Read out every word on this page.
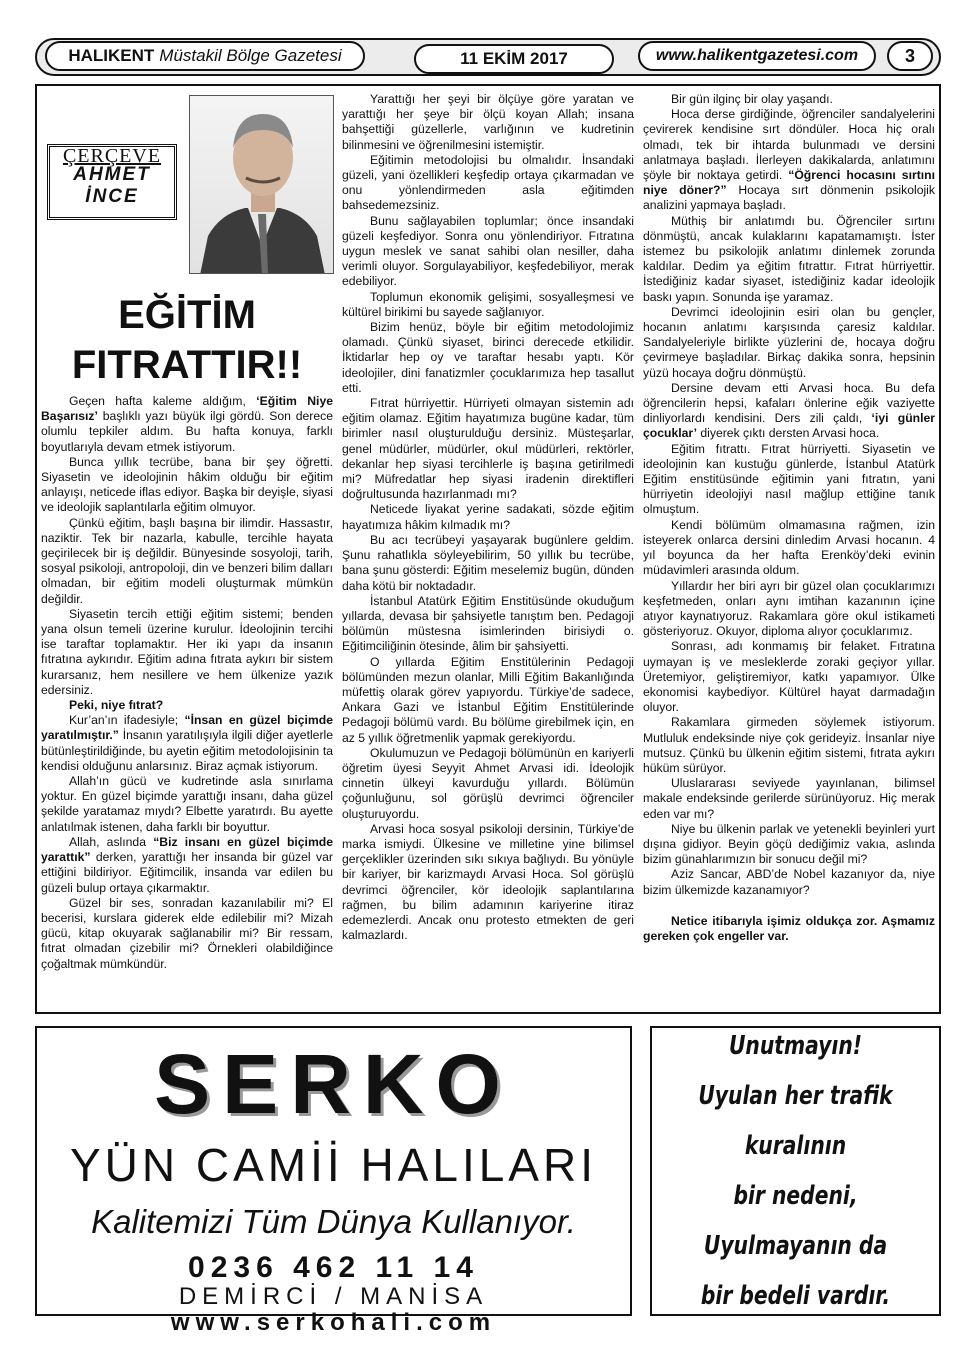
HALIKENT Müstakil Bölge Gazetesi	11 EKİM 2017	www.halikentgazetesi.com	3
ÇERÇEVE
AHMET
İNCE
EĞİTİM
FITRATTIR!!

Geçen hafta kaleme aldığım, ‘Eğitim Niye Başarısız’ başlıklı yazı büyük ilgi gördü. Son derece olumlu tepkiler aldım. Bu hafta konuya, farklı boyutlarıyla devam etmek istiyorum.

Bunca yıllık tecrübe, bana bir şey öğretti. Siyasetin ve ideolojinin hâkim olduğu bir eğitim anlayışı, neticede iflas ediyor. Başka bir deyişle, siyasi ve ideolojik saplantılarla eğitim olmuyor.

Çünkü eğitim, başlı başına bir ilimdir. Hassastır, naziktir. Tek bir nazarla, kabulle, tercihle hayata geçirilecek bir iş değildir. Bünyesinde sosyoloji, tarih, sosyal psikoloji, antropoloji, din ve benzeri bilim dalları olmadan, bir eğitim modeli oluşturmak mümkün değildir.

Siyasetin tercih ettiği eğitim sistemi; benden yana olsun temeli üzerine kurulur. İdeolojinin tercihi ise taraftar toplamaktır. Her iki yapı da insanın fıtratına aykırıdır. Eğitim adına fıtrata aykırı bir sistem kurarsanız, hem nesillere ve hem ülkenize yazık edersiniz.

Peki, niye fıtrat?

Kur’an’ın ifadesiyle; “İnsan en güzel biçimde yaratılmıştır.” İnsanın yaratılışıyla ilgili diğer ayetlerle bütünleştirildiğinde, bu ayetin eğitim metodolojisinin ta kendisi olduğunu anlarsınız. Biraz açmak istiyorum.

Allah’ın gücü ve kudretinde asla sınırlama yoktur. En güzel biçimde yarattığı insanı, daha güzel şekilde yaratamaz mıydı? Elbette yaratırdı. Bu ayette anlatılmak istenen, daha farklı bir boyuttur.

Allah, aslında “Biz insanı en güzel biçimde yarattık” derken, yarattığı her insanda bir güzel var ettiğini bildiriyor. Eğitimcilik, insanda var edilen bu güzeli bulup ortaya çıkarmaktır.

Güzel bir ses, sonradan kazanılabilir mi? El becerisi, kurslara giderek elde edilebilir mi? Mizah gücü, kitap okuyarak sağlanabilir mi? Bir ressam, fıtrat olmadan çizebilir mi? Örnekleri olabildiğince çoğaltmak mümkündür.

Yarattığı her şeyi bir ölçüye göre yaratan ve yarattığı her şeye bir ölçü koyan Allah; insana bahşettiği güzellerle, varlığının ve kudretinin bilinmesini ve öğrenilmesini istemiştir.

Eğitimin metodolojisi bu olmalıdır. İnsandaki güzeli, yani özellikleri keşfedip ortaya çıkarmadan ve onu yönlendirmeden asla eğitimden bahsedemezsiniz.

Bunu sağlayabilen toplumlar; önce insandaki güzeli keşfediyor. Sonra onu yönlendiriyor. Fıtratına uygun meslek ve sanat sahibi olan nesiller, daha verimli oluyor. Sorgulayabiliyor, keşfedebiliyor, merak edebiliyor.

Toplumun ekonomik gelişimi, sosyalleşmesi ve kültürel birikimi bu sayede sağlanıyor.

Bizim henüz, böyle bir eğitim metodolojimiz olamadı. Çünkü siyaset, birinci derecede etkilidir. İktidarlar hep oy ve taraftar hesabı yaptı. Kör ideolojiler, dini fanatizmler çocuklarımıza hep tasallut etti.

Fıtrat hürriyettir. Hürriyeti olmayan sistemin adı eğitim olamaz. Eğitim hayatımıza bugüne kadar, tüm birimler nasıl oluşturulduğu dersiniz. Müsteşarlar, genel müdürler, müdürler, okul müdürleri, rektörler, dekanlar hep siyasi tercihlerle iş başına getirilmedi mi? Müfredatlar hep siyasi iradenin direktifleri doğrultusunda hazırlanmadı mı?

Neticede liyakat yerine sadakati, sözde eğitim hayatımıza hâkim kılmadık mı?

Bu acı tecrübeyi yaşayarak bugünlere geldim. Şunu rahatlıkla söyleyebilirim, 50 yıllık bu tecrübe, bana şunu gösterdi: Eğitim meselemiz bugün, dünden daha kötü bir noktadadır.

İstanbul Atatürk Eğitim Enstitüsünde okuduğum yıllarda, devasa bir şahsiyetle tanıştım ben. Pedagoji bölümün müstesna isimlerinden birisiydi o. Eğitimciliğinin ötesinde, âlim bir şahsiyetti.

O yıllarda Eğitim Enstitülerinin Pedagoji bölümünden mezun olanlar, Milli Eğitim Bakanlığında müfettiş olarak görev yapıyordu. Türkiye’de sadece, Ankara Gazi ve İstanbul Eğitim Enstitülerinde Pedagoji bölümü vardı. Bu bölüme girebilmek için, en az 5 yıllık öğretmenlik yapmak gerekiyordu.

Okulumuzun ve Pedagoji bölümünün en kariyerli öğretim üyesi Seyyit Ahmet Arvasi idi. İdeolojik cinnetin ülkeyi kavurduğu yıllardı. Bölümün çoğunluğunu, sol görüşlü devrimci öğrenciler oluşturuyordu.

Arvasi hoca sosyal psikoloji dersinin, Türkiye’de marka ismiydi. Ülkesine ve milletine yine bilimsel gerçeklikler üzerinden sıkı sıkıya bağlıydı. Bu yönüyle bir kariyer, bir karizmaydı Arvasi Hoca. Sol görüşlü devrimci öğrenciler, kör ideolojik saplantılarına rağmen, bu bilim adamının kariyerine itiraz edemezlerdi. Ancak onu protesto etmekten de geri kalmazlardı.

Bir gün ilginç bir olay yaşandı.

Hoca derse girdiğinde, öğrenciler sandalyelerini çevirerek kendisine sırt döndüler. Hoca hiç oralı olmadı, tek bir ihtarda bulunmadı ve dersini anlatmaya başladı. İlerleyen dakikalarda, anlatımını şöyle bir noktaya getirdi. “Öğrenci hocasını sırtını niye döner?” Hocaya sırt dönmenin psikolojik analizini yapmaya başladı.

Müthiş bir anlatımdı bu. Öğrenciler sırtını dönmüştü, ancak kulaklarını kapatamamıştı. İster istemez bu psikolojik anlatımı dinlemek zorunda kaldılar. Dedim ya eğitim fıtrattır. Fıtrat hürriyettir. İstediğiniz kadar siyaset, istediğiniz kadar ideolojik baskı yapın. Sonunda işe yaramaz.

Devrimci ideolojinin esiri olan bu gençler, hocanın anlatımı karşısında çaresiz kaldılar. Sandalyeleriyle birlikte yüzlerini de, hocaya doğru çevirmeye başladılar. Birkaç dakika sonra, hepsinin yüzü hocaya doğru dönmüştü.

Dersine devam etti Arvasi hoca. Bu defa öğrencilerin hepsi, kafaları önlerine eğik vaziyette dinliyorlardı kendisini. Ders zili çaldı, ‘iyi günler çocuklar’ diyerek çıktı dersten Arvasi hoca.

Eğitim fıtrattı. Fıtrat hürriyetti. Siyasetin ve ideolojinin kan kustuğu günlerde, İstanbul Atatürk Eğitim enstitüsünde eğitimin yani fıtratın, yani hürriyetin ideolojiyi nasıl mağlup ettiğine tanık olmuştum.

Kendi bölümüm olmamasına rağmen, izin isteyerek onlarca dersini dinledim Arvasi hocanın. 4 yıl boyunca da her hafta Erenköy’deki evinin müdavimleri arasında oldum.

Yıllardır her biri ayrı bir güzel olan çocuklarımızı keşfetmeden, onları aynı imtihan kazanının içine atıyor kaynatıyoruz. Rakamlara göre okul istikameti gösteriyoruz. Okuyor, diploma alıyor çocuklarımız.

Sonrası, adı konmamış bir felaket. Fıtratına uymayan iş ve mesleklerde zoraki geçiyor yıllar. Üretemiyor, geliştiremiyor, katkı yapamıyor. Ülke ekonomisi kaybediyor. Kültürel hayat darmadağın oluyor.

Rakamlara girmeden söylemek istiyorum. Mutluluk endeksinde niye çok gerideyiz. İnsanlar niye mutsuz. Çünkü bu ülkenin eğitim sistemi, fıtrata aykırı hüküm sürüyor.

Uluslararası seviyede yayınlanan, bilimsel makale endeksinde gerilerde sürünüyoruz. Hiç merak eden var mı?

Niye bu ülkenin parlak ve yetenekli beyinleri yurt dışına gidiyor. Beyin göçü dediğimiz vakıa, aslında bizim günahlarımızın bir sonucu değil mi?

Aziz Sancar, ABD’de Nobel kazanıyor da, niye bizim ülkemizde kazanamıyor?

Netice itibarıyla işimiz oldukça zor. Aşmamız gereken çok engeller var.

SERKO
YÜN CAMİİ HALILARI
Kalitemizi Tüm Dünya Kullanıyor.
0236 462 11 14
DEMİRCİ / MANİSA
www.serkohali.com
Unutmayın!
Uyulan her trafik kuralının
bir nedeni,
Uyulmayanın da
bir bedeli vardır.
